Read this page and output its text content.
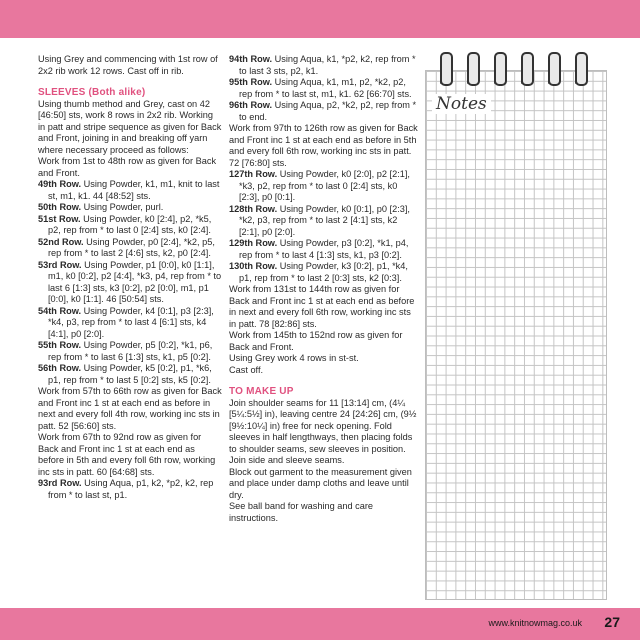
Using Grey and commencing with 1st row of 2x2 rib work 12 rows. Cast off in rib.

SLEEVES (Both alike)

Using thumb method and Grey, cast on 42 [46:50] sts, work 8 rows in 2x2 rib. Working in patt and stripe sequence as given for Back and Front, joining in and breaking off yarn where necessary proceed as follows:

Work from 1st to 48th row as given for Back and Front.

49th Row. Using Powder, k1, m1, knit to last st, m1, k1. 44 [48:52] sts.

50th Row. Using Powder, purl.

51st Row. Using Powder, k0 [2:4], p2, *k5, p2, rep from * to last 0 [2:4] sts, k0 [2:4].

52nd Row. Using Powder, p0 [2:4], *k2, p5, rep from * to last 2 [4:6] sts, k2, p0 [2:4].

53rd Row. Using Powder, p1 [0:0], k0 [1:1], m1, k0 [0:2], p2 [4:4], *k3, p4, rep from * to last 6 [1:3] sts, k3 [0:2], p2 [0:0], m1, p1 [0:0], k0 [1:1]. 46 [50:54] sts.

54th Row. Using Powder, k4 [0:1], p3 [2:3], *k4, p3, rep from * to last 4 [6:1] sts, k4 [4:1], p0 [2:0].

55th Row. Using Powder, p5 [0:2], *k1, p6, rep from * to last 6 [1:3] sts, k1, p5 [0:2].

56th Row. Using Powder, k5 [0:2], p1, *k6, p1, rep from * to last 5 [0:2] sts, k5 [0:2].

Work from 57th to 66th row as given for Back and Front inc 1 st at each end as before in next and every foll 4th row, working inc sts in patt. 52 [56:60] sts.

Work from 67th to 92nd row as given for Back and Front inc 1 st at each end as before in 5th and every foll 6th row, working inc sts in patt. 60 [64:68] sts.

93rd Row. Using Aqua, p1, k2, *p2, k2, rep from * to last st, p1.

94th Row. Using Aqua, k1, *p2, k2, rep from * to last 3 sts, p2, k1.

95th Row. Using Aqua, k1, m1, p2, *k2, p2, rep from * to last st, m1, k1. 62 [66:70] sts.

96th Row. Using Aqua, p2, *k2, p2, rep from * to end.

Work from 97th to 126th row as given for Back and Front inc 1 st at each end as before in 5th and every foll 6th row, working inc sts in patt. 72 [76:80] sts.

127th Row. Using Powder, k0 [2:0], p2 [2:1], *k3, p2, rep from * to last 0 [2:4] sts, k0 [2:3], p0 [0:1].

128th Row. Using Powder, k0 [0:1], p0 [2:3], *k2, p3, rep from * to last 2 [4:1] sts, k2 [2:1], p0 [2:0].

129th Row. Using Powder, p3 [0:2], *k1, p4, rep from * to last 4 [1:3] sts, k1, p3 [0:2].

130th Row. Using Powder, k3 [0:2], p1, *k4, p1, rep from * to last 2 [0:3] sts, k2 [0:3].

Work from 131st to 144th row as given for Back and Front inc 1 st at each end as before in next and every foll 6th row, working inc sts in patt. 78 [82:86] sts.

Work from 145th to 152nd row as given for Back and Front.

Using Grey work 4 rows in st-st.

Cast off.

TO MAKE UP

Join shoulder seams for 11 [13:14] cm, (4¼ [5¼:5½] in), leaving centre 24 [24:26] cm, (9½ [9½:10¼] in) free for neck opening. Fold sleeves in half lengthways, then placing folds to shoulder seams, sew sleeves in position. Join side and sleeve seams.

Block out garment to the measurement given and place under damp cloths and leave until dry.

See ball band for washing and care instructions.

Notes
www.knitnowmag.co.uk 27
